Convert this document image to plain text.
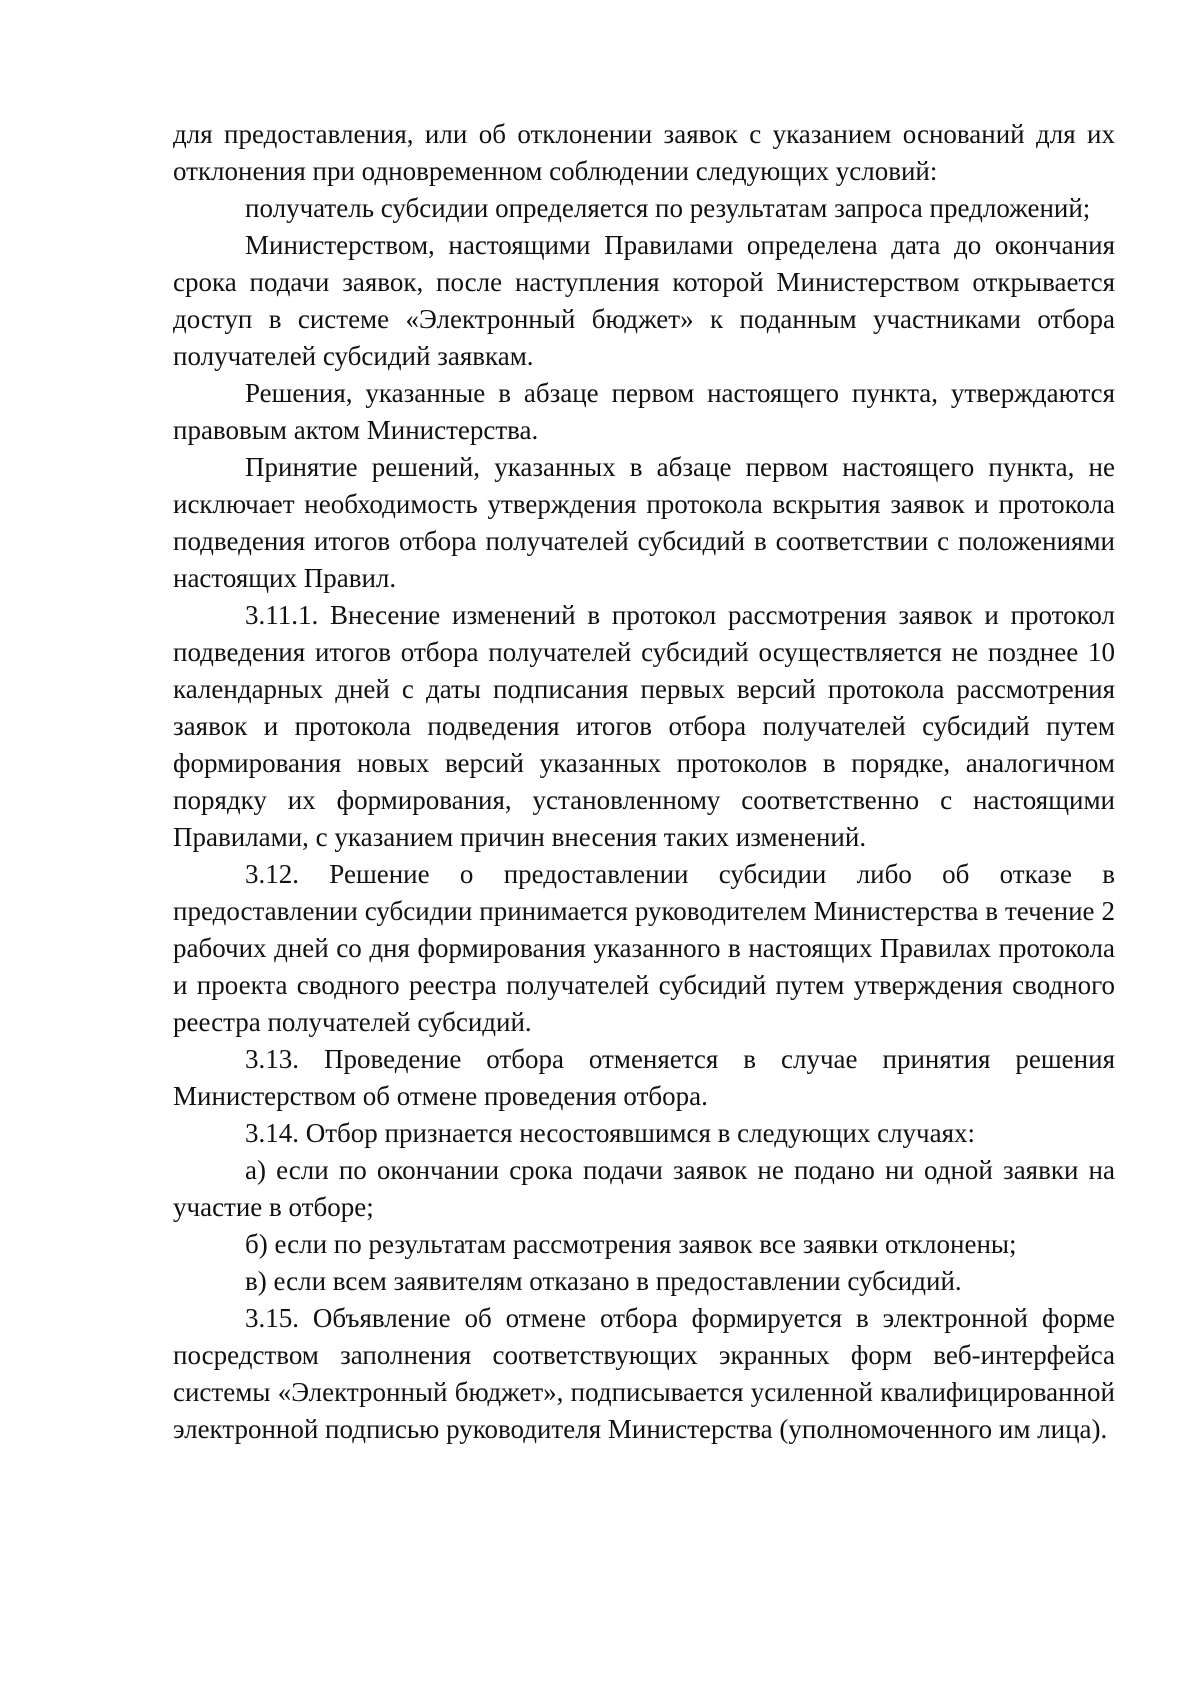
для предоставления, или об отклонении заявок с указанием оснований для их отклонения при одновременном соблюдении следующих условий:

получатель субсидии определяется по результатам запроса предложений;

Министерством, настоящими Правилами определена дата до окончания срока подачи заявок, после наступления которой Министерством открывается доступ в системе «Электронный бюджет» к поданным участниками отбора получателей субсидий заявкам.

Решения, указанные в абзаце первом настоящего пункта, утверждаются правовым актом Министерства.

Принятие решений, указанных в абзаце первом настоящего пункта, не исключает необходимость утверждения протокола вскрытия заявок и протокола подведения итогов отбора получателей субсидий в соответствии с положениями настоящих Правил.

3.11.1. Внесение изменений в протокол рассмотрения заявок и протокол подведения итогов отбора получателей субсидий осуществляется не позднее 10 календарных дней с даты подписания первых версий протокола рассмотрения заявок и протокола подведения итогов отбора получателей субсидий путем формирования новых версий указанных протоколов в порядке, аналогичном порядку их формирования, установленному соответственно с настоящими Правилами, с указанием причин внесения таких изменений.

3.12. Решение о предоставлении субсидии либо об отказе в предоставлении субсидии принимается руководителем Министерства в течение 2 рабочих дней со дня формирования указанного в настоящих Правилах протокола и проекта сводного реестра получателей субсидий путем утверждения сводного реестра получателей субсидий.

3.13. Проведение отбора отменяется в случае принятия решения Министерством об отмене проведения отбора.

3.14. Отбор признается несостоявшимся в следующих случаях:

а) если по окончании срока подачи заявок не подано ни одной заявки на участие в отборе;

б) если по результатам рассмотрения заявок все заявки отклонены;

в) если всем заявителям отказано в предоставлении субсидий.

3.15. Объявление об отмене отбора формируется в электронной форме посредством заполнения соответствующих экранных форм веб-интерфейса системы «Электронный бюджет», подписывается усиленной квалифицированной электронной подписью руководителя Министерства (уполномоченного им лица).
